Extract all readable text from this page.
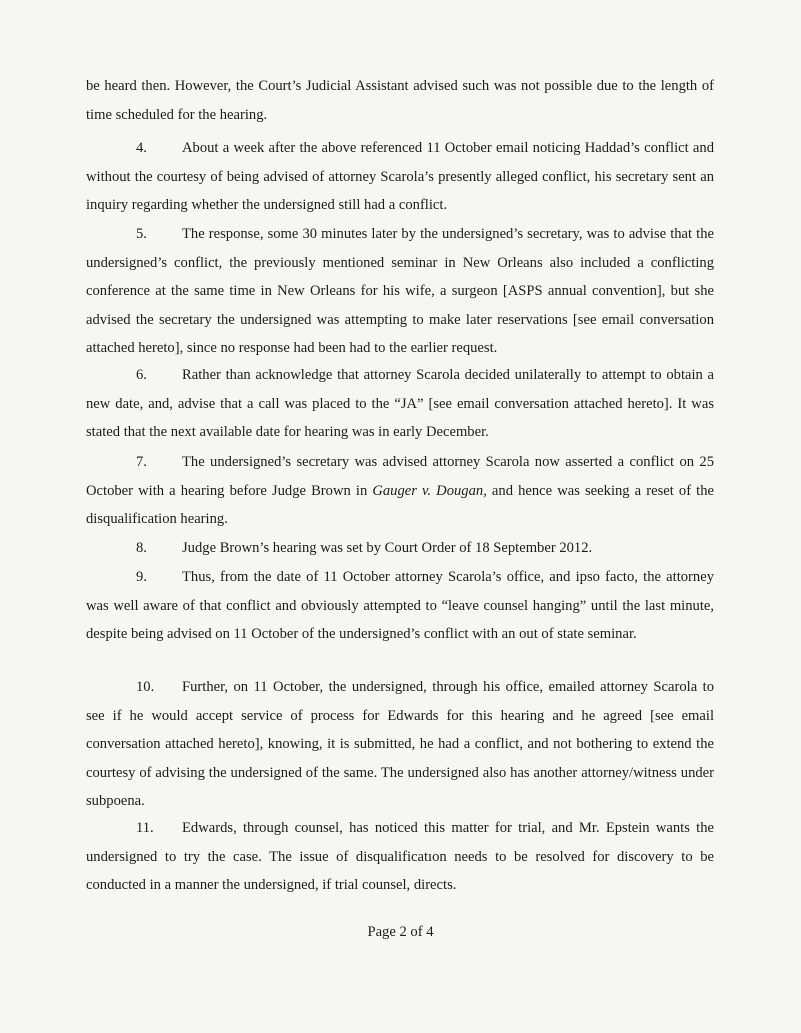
be heard then. However, the Court’s Judicial Assistant advised such was not possible due to the length of time scheduled for the hearing.

4. About a week after the above referenced 11 October email noticing Haddad’s conflict and without the courtesy of being advised of attorney Scarola’s presently alleged conflict, his secretary sent an inquiry regarding whether the undersigned still had a conflict.

5. The response, some 30 minutes later by the undersigned’s secretary, was to advise that the undersigned’s conflict, the previously mentioned seminar in New Orleans also included a conflicting conference at the same time in New Orleans for his wife, a surgeon [ASPS annual convention], but she advised the secretary the undersigned was attempting to make later reservations [see email conversation attached hereto], since no response had been had to the earlier request.

6. Rather than acknowledge that attorney Scarola decided unilaterally to attempt to obtain a new date, and, advise that a call was placed to the “JA” [see email conversation attached hereto]. It was stated that the next available date for hearing was in early December.

7. The undersigned’s secretary was advised attorney Scarola now asserted a conflict on 25 October with a hearing before Judge Brown in Gauger v. Dougan, and hence was seeking a reset of the disqualification hearing.

8. Judge Brown’s hearing was set by Court Order of 18 September 2012.

9. Thus, from the date of 11 October attorney Scarola’s office, and ipso facto, the attorney was well aware of that conflict and obviously attempted to “leave counsel hanging” until the last minute, despite being advised on 11 October of the undersigned’s conflict with an out of state seminar.

10. Further, on 11 October, the undersigned, through his office, emailed attorney Scarola to see if he would accept service of process for Edwards for this hearing and he agreed [see email conversation attached hereto], knowing, it is submitted, he had a conflict, and not bothering to extend the courtesy of advising the undersigned of the same. The undersigned also has another attorney/witness under subpoena.

11. Edwards, through counsel, has noticed this matter for trial, and Mr. Epstein wants the undersigned to try the case. The issue of disqualificatıon needs to be resolved for discovery to be conducted in a manner the undersigned, if trial counsel, directs.

Page 2 of 4
